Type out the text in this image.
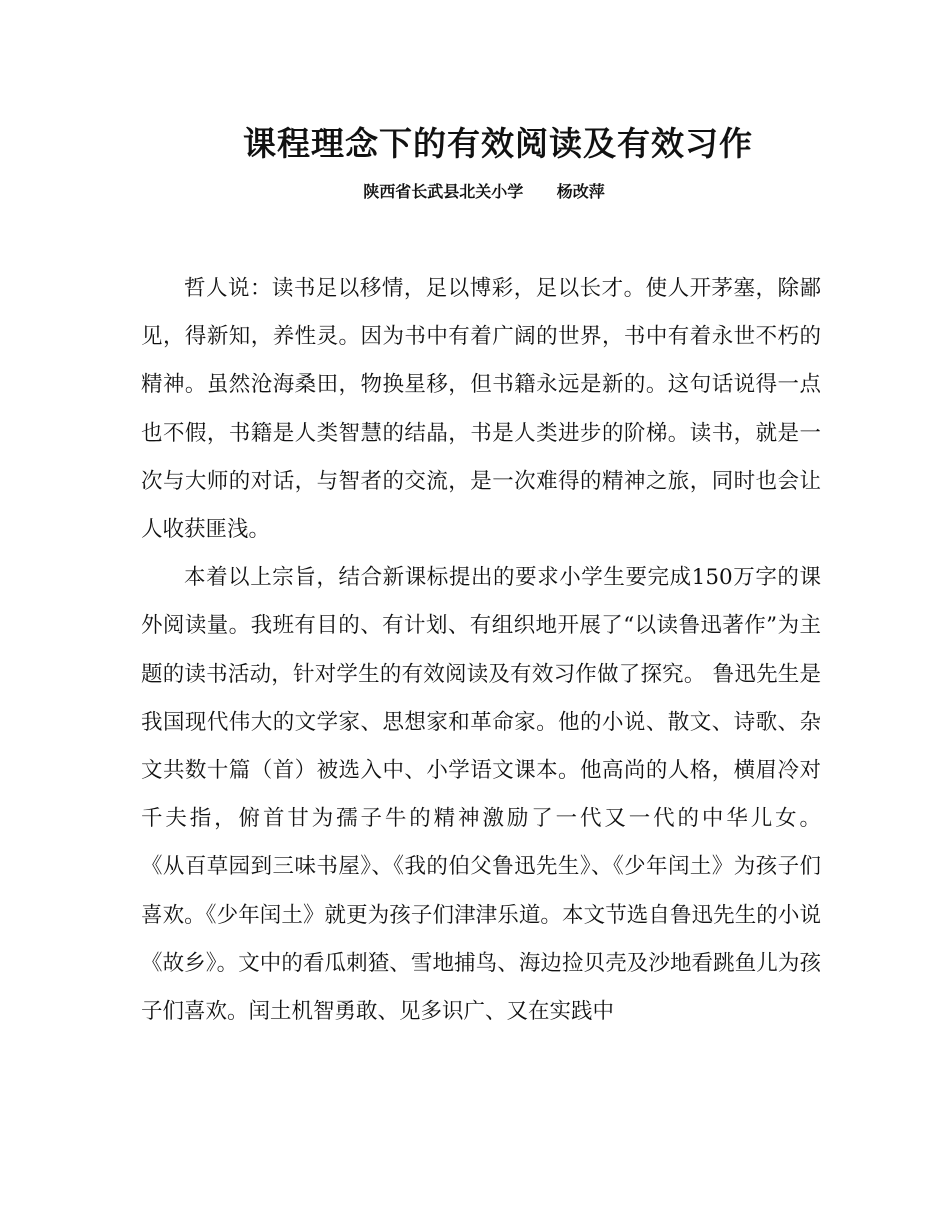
课程理念下的有效阅读及有效习作
陕西省长武县北关小学      杨改萍

哲人说：读书足以移情，足以博彩，足以长才。使人开茅塞，除鄙见，得新知，养性灵。因为书中有着广阔的世界，书中有着永世不朽的精神。虽然沧海桑田，物换星移，但书籍永远是新的。这句话说得一点也不假，书籍是人类智慧的结晶，书是人类进步的阶梯。读书，就是一次与大师的对话，与智者的交流，是一次难得的精神之旅，同时也会让人收获匪浅。

本着以上宗旨，结合新课标提出的要求小学生要完成150万字的课外阅读量。我班有目的、有计划、有组织地开展了“以读鲁迅著作”为主题的读书活动，针对学生的有效阅读及有效习作做了探究。 鲁迅先生是我国现代伟大的文学家、思想家和革命家。他的小说、散文、诗歌、杂文共数十篇（首）被选入中、小学语文课本。他高尚的人格，横眉冷对千夫指，俯首甘为孺子牛的精神激励了一代又一代的中华儿女。            《从百草园到三味书屋》、《我的伯父鲁迅先生》、《少年闰土》为孩子们喜欢。《少年闰土》就更为孩子们津津乐道。本文节选自鲁迅先生的小说《故乡》。文中的看瓜刺猹、雪地捕鸟、海边捡贝壳及沙地看跳鱼儿为孩子们喜欢。闰土机智勇敢、见多识广、又在实践中
